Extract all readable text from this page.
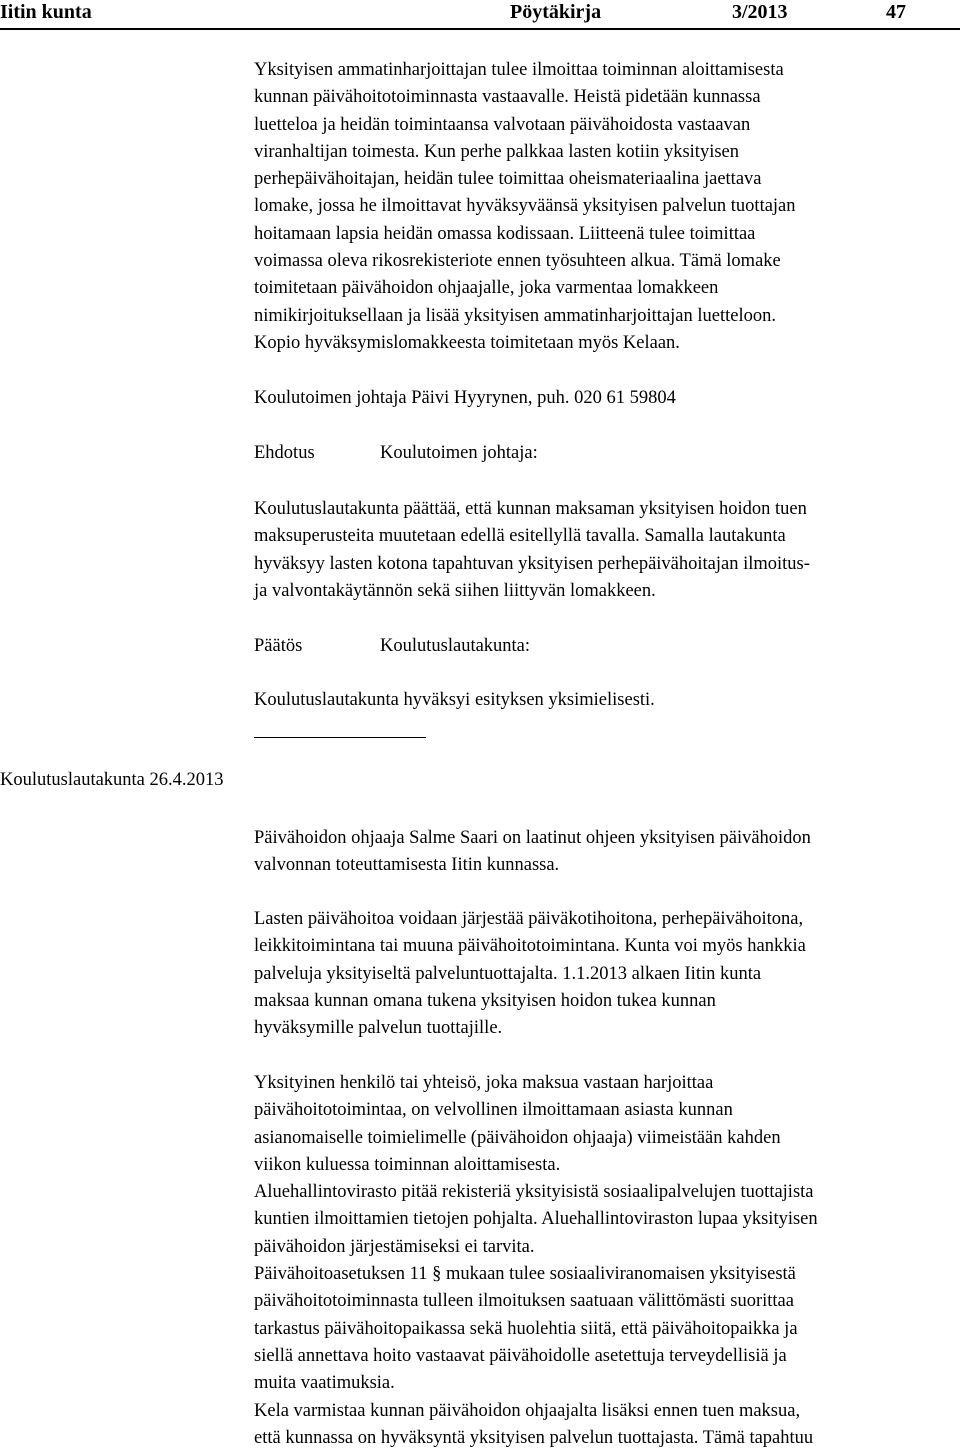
Iitin kunta	Pöytäkirja	3/2013	47
Yksityisen ammatinharjoittajan tulee ilmoittaa toiminnan aloittamisesta
kunnan päivähoitotoiminnasta vastaavalle. Heistä pidetään kunnassa
luetteloa ja heidän toimintaansa valvotaan päivähoidosta vastaavan
viranhaltijan toimesta. Kun perhe palkkaa lasten kotiin yksityisen
perhepäivähoitajan, heidän tulee toimittaa oheismateriaalina jaettava
lomake, jossa he ilmoittavat hyväksyväänsä yksityisen palvelun tuottajan
hoitamaan lapsia heidän omassa kodissaan. Liitteenä tulee toimittaa
voimassa oleva rikosrekisteriote ennen työsuhteen alkua. Tämä lomake
toimitetaan päivähoidon ohjaajalle, joka varmentaa lomakkeen
nimikirjoituksellaan ja lisää yksityisen ammatinharjoittajan luetteloon.
Kopio hyväksymislomakkeesta toimitetaan myös Kelaan.
Koulutoimen johtaja Päivi Hyyrynen, puh. 020 61 59804
Ehdotus	Koulutoimen johtaja:
Koulutuslautakunta päättää, että kunnan maksaman yksityisen hoidon tuen
maksuperusteita muutetaan edellä esitellyllä tavalla. Samalla lautakunta
hyväksyy lasten kotona tapahtuvan yksityisen perhepäivähoitajan ilmoitus-
ja valvontakäytännön sekä siihen liittyvän lomakkeen.
Päätös	Koulutuslautakunta:
Koulutuslautakunta hyväksyi esityksen yksimielisesti.
Koulutuslautakunta 26.4.2013
Päivähoidon ohjaaja Salme Saari on laatinut ohjeen yksityisen päivähoidon
valvonnan toteuttamisesta Iitin kunnassa.
Lasten päivähoitoa voidaan järjestää päiväkotihoitona, perhepäivähoitona,
leikkitoimintana tai muuna päivähoitotoimintana. Kunta voi myös hankkia
palveluja yksityiseltä palveluntuottajalta. 1.1.2013 alkaen Iitin kunta
maksaa kunnan omana tukena yksityisen hoidon tukea kunnan
hyväksymille palvelun tuottajille.
Yksityinen henkilö tai yhteisö, joka maksua vastaan harjoittaa
päivähoitotoimintaa, on velvollinen ilmoittamaan asiasta kunnan
asianomaiselle toimielimelle (päivähoidon ohjaaja) viimeistään kahden
viikon kuluessa toiminnan aloittamisesta.
Aluehallintovirasto pitää rekisteriä yksityisistä sosiaalipalvelujen tuottajista
kuntien ilmoittamien tietojen pohjalta. Aluehallintoviraston lupaa yksityisen
päivähoidon järjestämiseksi ei tarvita.
Päivähoitoasetuksen 11 § mukaan tulee sosiaaliviranomaisen yksityisestä
päivähoitotoiminnasta tulleen ilmoituksen saatuaan välittömästi suorittaa
tarkastus päivähoitopaikassa sekä huolehtia siitä, että päivähoitopaikka ja
siellä annettava hoito vastaavat päivähoidolle asetettuja terveydellisiä ja
muita vaatimuksia.
Kela varmistaa kunnan päivähoidon ohjaajalta lisäksi ennen tuen maksua,
että kunnassa on hyväksyntä yksityisen palvelun tuottajasta. Tämä tapahtuu
